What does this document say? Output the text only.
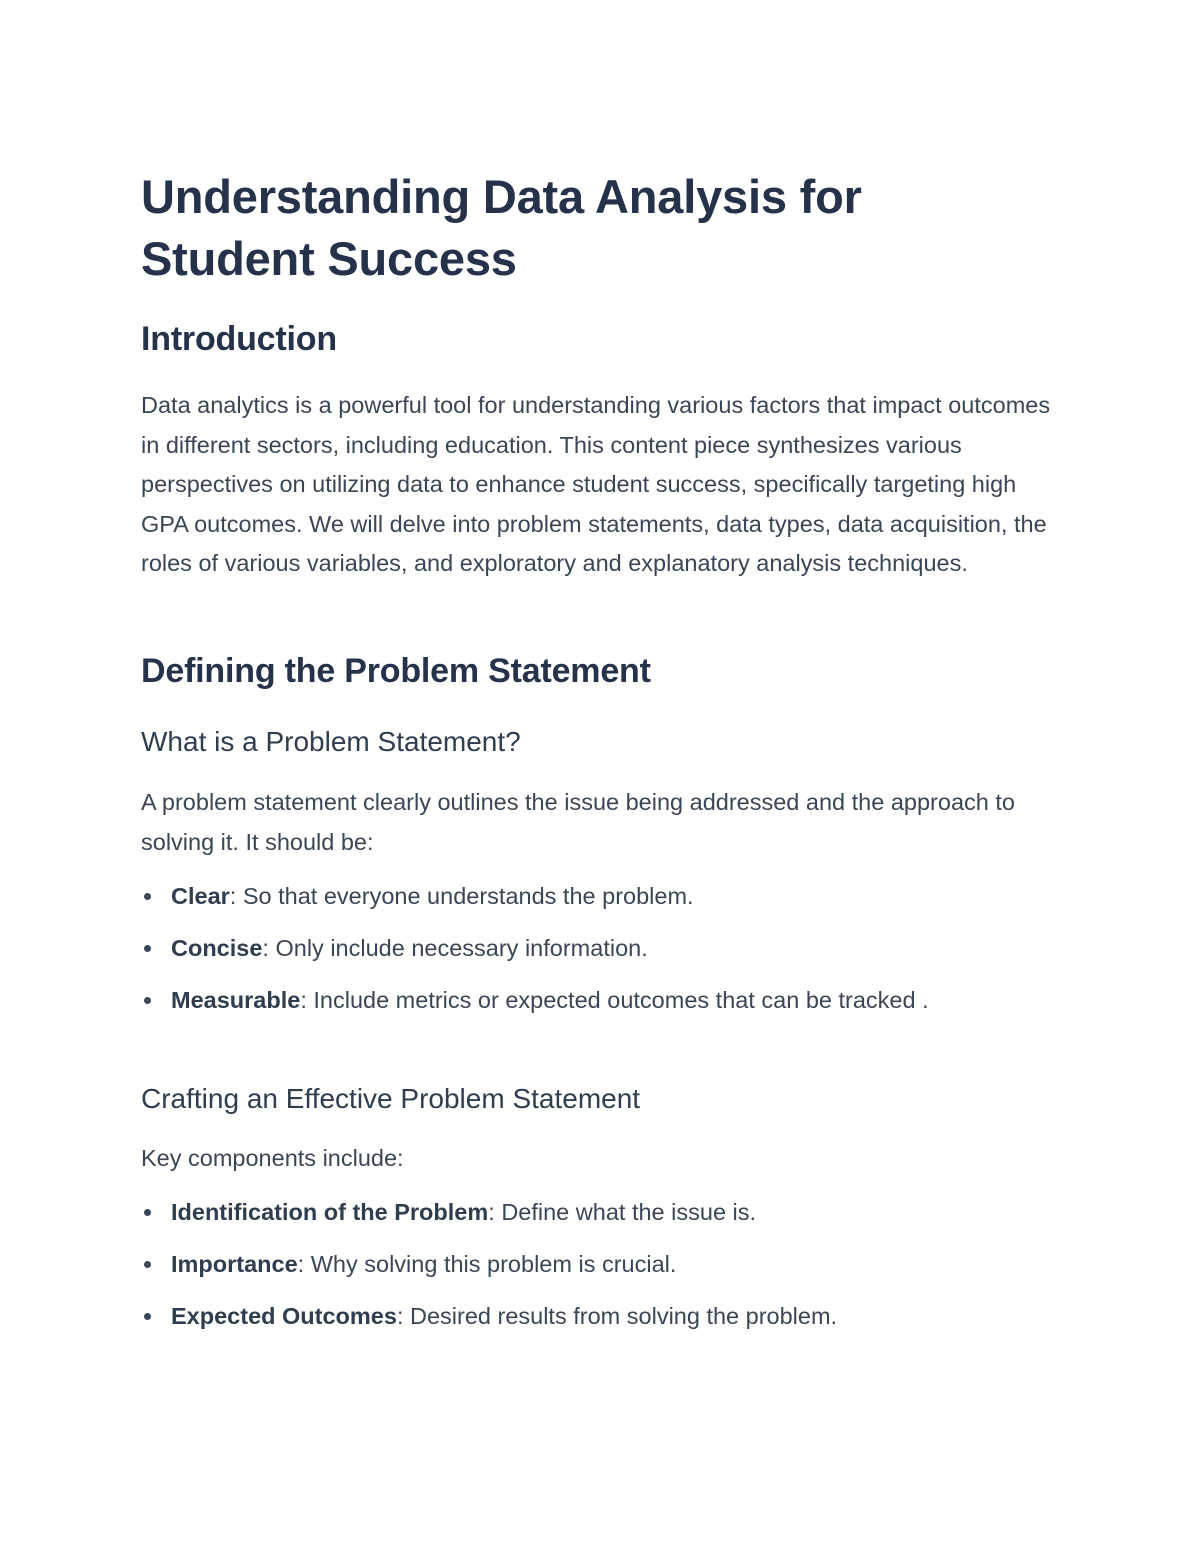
Understanding Data Analysis for Student Success
Introduction

Data analytics is a powerful tool for understanding various factors that impact outcomes in different sectors, including education. This content piece synthesizes various perspectives on utilizing data to enhance student success, specifically targeting high GPA outcomes. We will delve into problem statements, data types, data acquisition, the roles of various variables, and exploratory and explanatory analysis techniques.

Defining the Problem Statement
What is a Problem Statement?

A problem statement clearly outlines the issue being addressed and the approach to solving it. It should be:

Clear: So that everyone understands the problem.
Concise: Only include necessary information.
Measurable: Include metrics or expected outcomes that can be tracked .
Crafting an Effective Problem Statement

Key components include:

Identification of the Problem: Define what the issue is.
Importance: Why solving this problem is crucial.
Expected Outcomes: Desired results from solving the problem.
